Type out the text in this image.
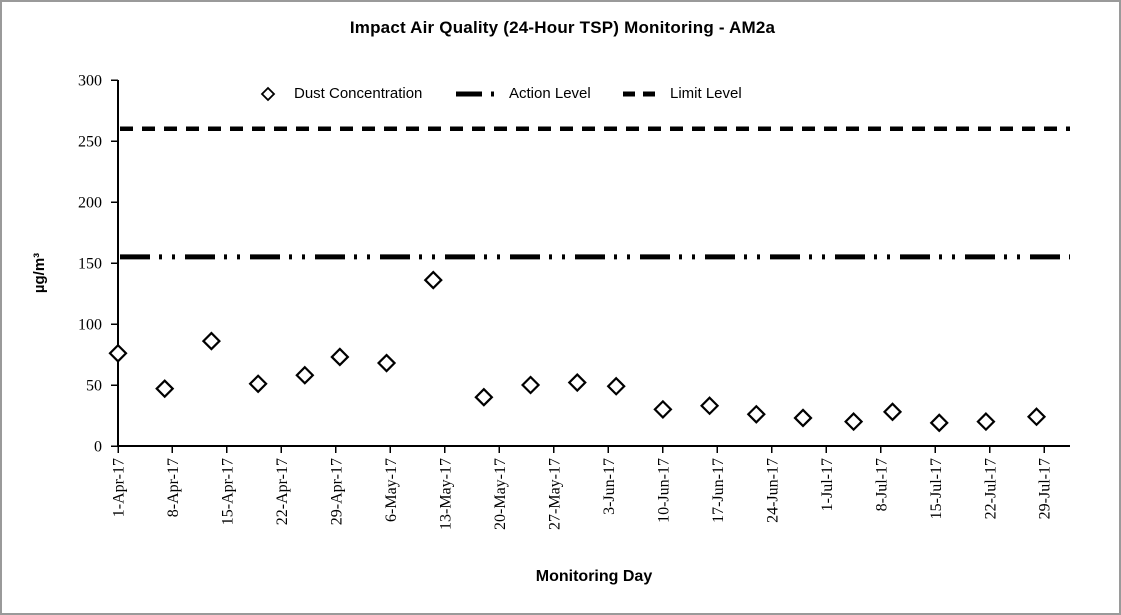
Impact Air Quality (24-Hour TSP) Monitoring - AM2a
Dust Concentration	Action Level	Limit Level
µg/m³
Monitoring Day
0
50
100
150
200
250
300
1-Apr-17 8-Apr-17 15-Apr-17 22-Apr-17 29-Apr-17 6-May-17 13-May-17 20-May-17 27-May-17 3-Jun-17 10-Jun-17 17-Jun-17 24-Jun-17 1-Jul-17 8-Jul-17 15-Jul-17 22-Jul-17 29-Jul-17
